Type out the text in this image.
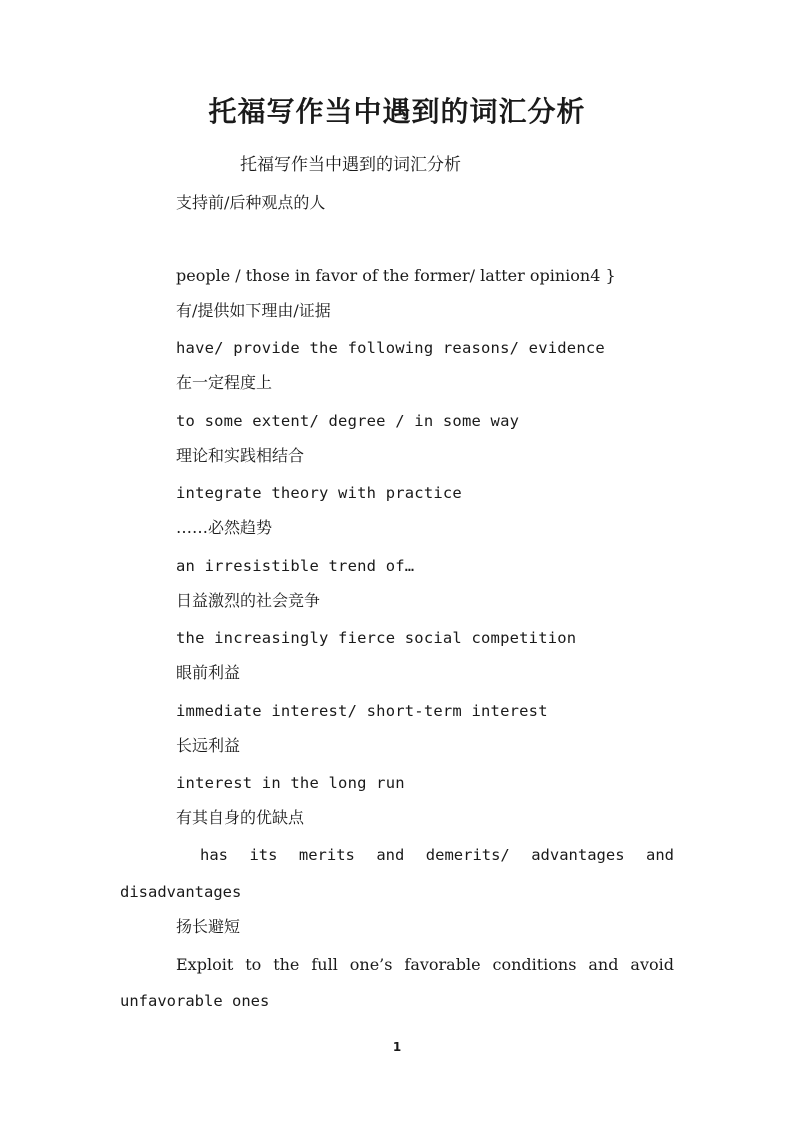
托福写作当中遇到的词汇分析

托福写作当中遇到的词汇分析

支持前/后种观点的人

people / those in favor of the former/ latter opinion4 }

有/提供如下理由/证据

have/ provide the following reasons/ evidence

在一定程度上

to some extent/ degree / in some way

理论和实践相结合

integrate theory with practice

……必然趋势

an irresistible trend of…

日益激烈的社会竞争

the increasingly fierce social competition

眼前利益

immediate interest/ short-term interest

长远利益

interest in the long run

有其自身的优缺点

has its merits and demerits/ advantages and

disadvantages

扬长避短

Exploit to the full one’s favorable conditions and avoid

unfavorable ones

1
